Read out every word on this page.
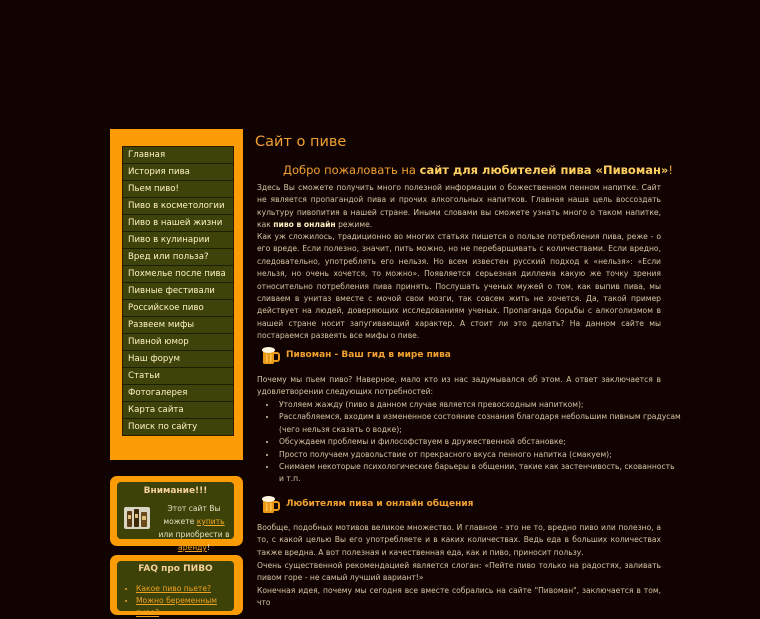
Главная
История пива
Пьем пиво!
Пиво в косметологии
Пиво в нашей жизни
Пиво в кулинарии
Вред или польза?
Похмелье после пива
Пивные фестивали
Российское пиво
Развеем мифы
Пивной юмор
Наш форум
Статьи
Фотогалерея
Карта сайта
Поиск по сайту
Внимание!!!
Этот сайт Вы можете купить или приобрести в аренду!
FAQ про ПИВО
• Какое пиво пьете?
• Можно беременным пиво?
Сайт о пиве
Добро пожаловать на сайт для любителей пива «Пивоман»!
Здесь Вы сможете получить много полезной информации о божественном пенном напитке. Сайт не является пропагандой пива и прочих алкогольных напитков. Главная наша цель воссоздать культуру пивопития в нашей стране. Иными словами вы сможете узнать много о таком напитке, как пиво в онлайн режиме.
Как уж сложилось, традиционно во многих статьях пишется о пользе потребления пива, реже - о его вреде. Если полезно, значит, пить можно, но не перебарщивать с количествами. Если вредно, следовательно, употреблять его нельзя. Но всем известен русский подход к «нельзя»: «Если нельзя, но очень хочется, то можно». Появляется серьезная диллема какую же точку зрения относительно потребления пива принять. Послушать ученых мужей о том, как выпив пива, мы сливаем в унитаз вместе с мочой свои мозги, так совсем жить не хочется. Да, такой пример действует на людей, доверяющих исследованиям ученых. Пропаганда борьбы с алкоголизмом в нашей стране носит запугивающий характер. А стоит ли это делать? На данном сайте мы постараемся развеять все мифы о пиве.
Пивоман - Ваш гид в мире пива
Почему мы пьем пиво? Наверное, мало кто из нас задумывался об этом. А ответ заключается в удовлетворении следующих потребностей:
• Утоляем жажду (пиво в данном случае является превосходным напитком);
• Расслабляемся, входим в измененное состояние сознания благодаря небольшим пивным градусам (чего нельзя сказать о водке);
• Обсуждаем проблемы и философствуем в дружественной обстановке;
• Просто получаем удовольствие от прекрасного вкуса пенного напитка (смакуем);
• Снимаем некоторые психологические барьеры в общении, такие как застенчивость, скованность и т.п.
Любителям пива и онлайн общения
Вообще, подобных мотивов великое множество. И главное - это не то, вредно пиво или полезно, а то, с какой целью Вы его употребляете и в каких количествах. Ведь еда в больших количествах также вредна. А вот полезная и качественная еда, как и пиво, приносит пользу.
Очень существенной рекомендацией является слоган: «Пейте пиво только на радостях, заливать пивом горе - не самый лучший вариант!»
Конечная идея, почему мы сегодня все вместе собрались на сайте "Пивоман", заключается в том, что
